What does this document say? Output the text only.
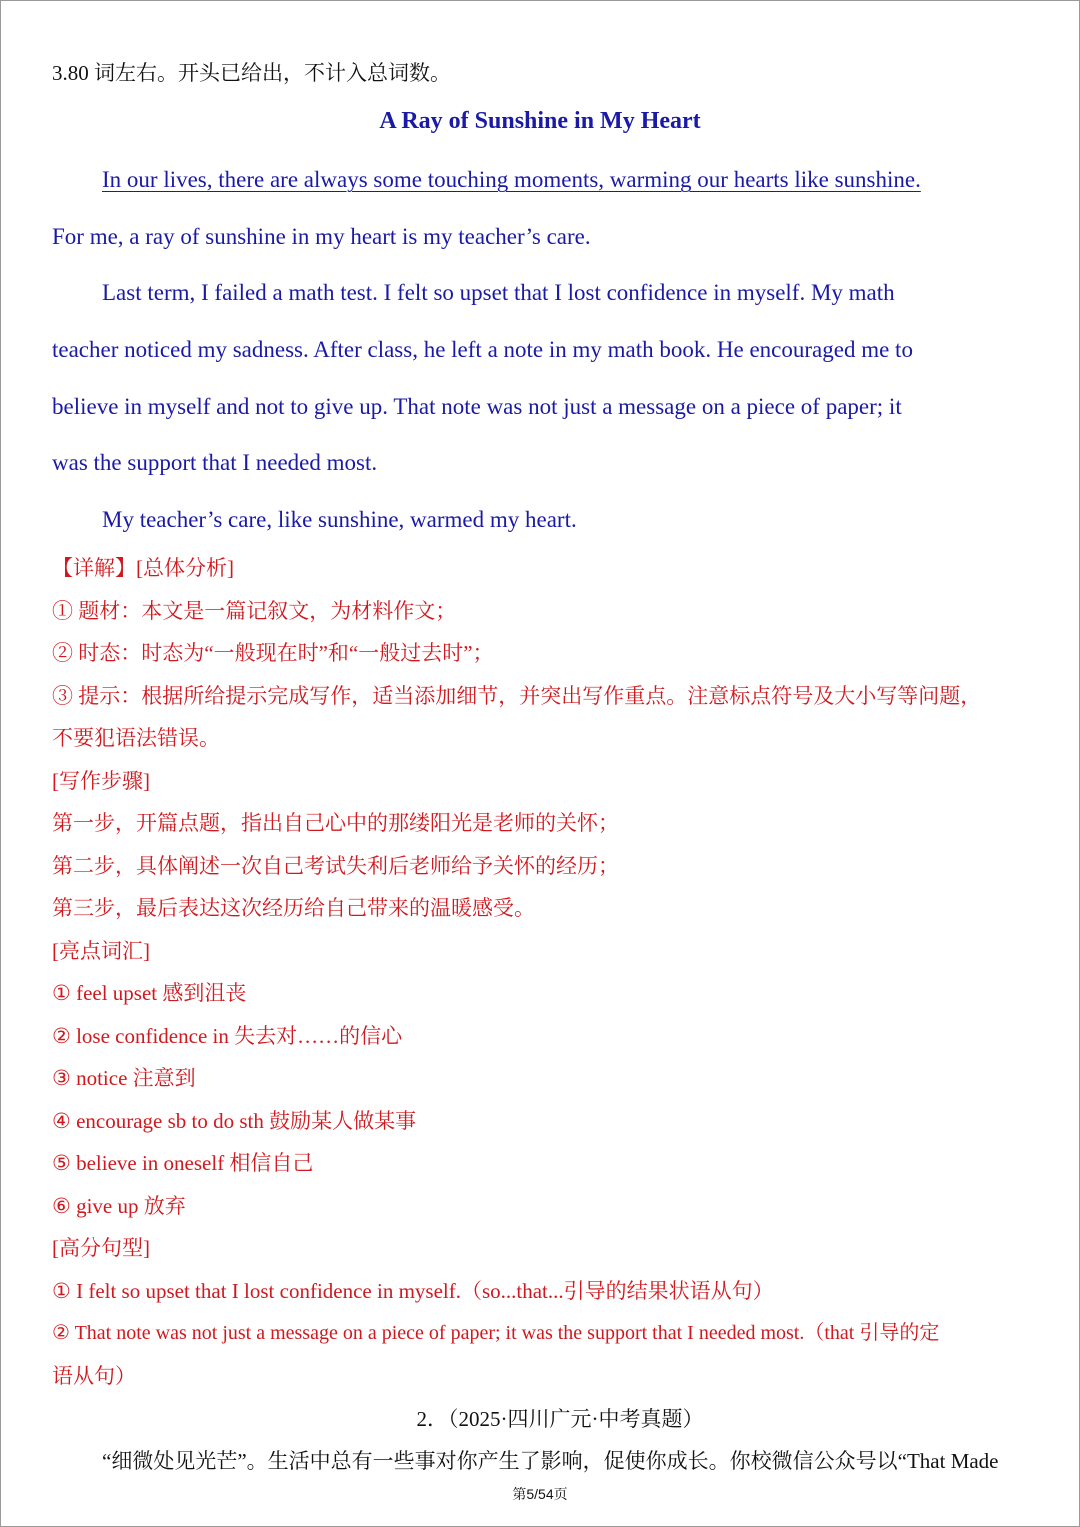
3.80 词左右。开头已给出，不计入总词数。
A Ray of Sunshine in My Heart
In our lives, there are always some touching moments, warming our hearts like sunshine.
For me, a ray of sunshine in my heart is my teacher’s care.
Last term, I failed a math test. I felt so upset that I lost confidence in myself. My math
teacher noticed my sadness. After class, he left a note in my math book. He encouraged me to
believe in myself and not to give up. That note was not just a message on a piece of paper; it
was the support that I needed most.
My teacher’s care, like sunshine, warmed my heart.
【详解】[总体分析]
① 题材：本文是一篇记叙文，为材料作文；
② 时态：时态为“一般现在时”和“一般过去时”；
③ 提示：根据所给提示完成写作，适当添加细节，并突出写作重点。注意标点符号及大小写等问题，
不要犯语法错误。
[写作步骤]
第一步，开篇点题，指出自己心中的那缕阳光是老师的关怀；
第二步，具体阐述一次自己考试失利后老师给予关怀的经历；
第三步，最后表达这次经历给自己带来的温暖感受。
[亮点词汇]
① feel upset 感到沮丧
② lose confidence in 失去对……的信心
③ notice 注意到
④ encourage sb to do sth 鼓励某人做某事
⑤ believe in oneself 相信自己
⑥ give up 放弃
[高分句型]
① I felt so upset that I lost confidence in myself.（so...that...引导的结果状语从句）
② That note was not just a message on a piece of paper; it was the support that I needed most.（that 引导的定
语从句）
2．（2025·四川广元·中考真题）
“细微处见光芒”。生活中总有一些事对你产生了影响，促使你成长。你校微信公众号以“That Made
第5/54页
